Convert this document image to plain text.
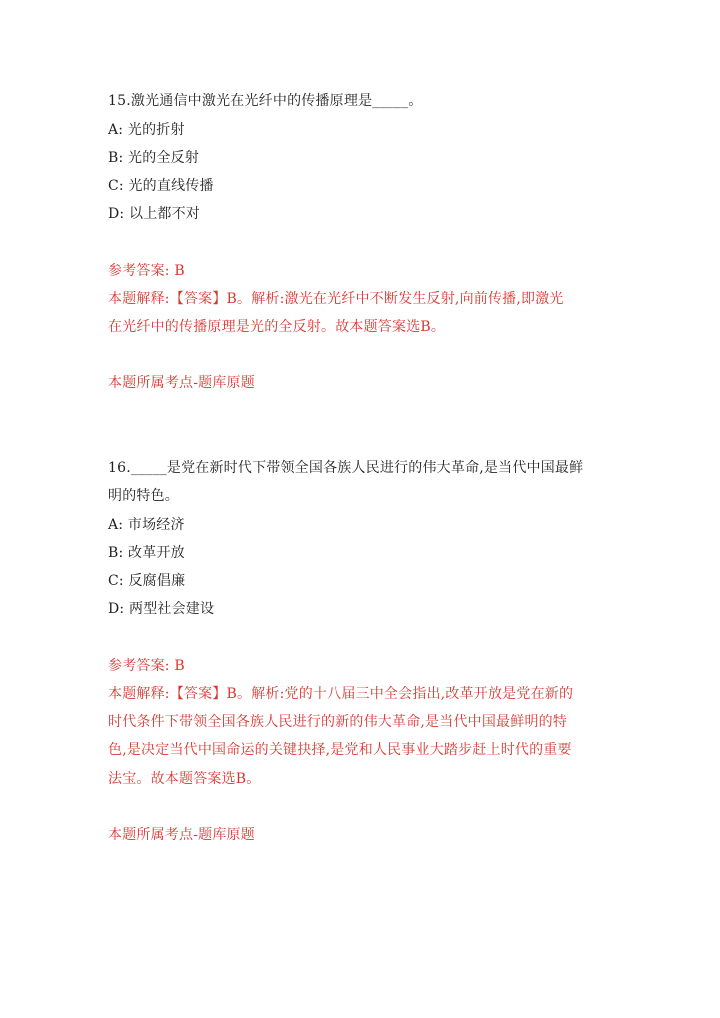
15.激光通信中激光在光纤中的传播原理是_____。
A: 光的折射
B: 光的全反射
C: 光的直线传播
D: 以上都不对
参考答案: B
本题解释:【答案】B。解析:激光在光纤中不断发生反射,向前传播,即激光
在光纤中的传播原理是光的全反射。故本题答案选B。
本题所属考点-题库原题
16._____是党在新时代下带领全国各族人民进行的伟大革命,是当代中国最鲜
明的特色。
A: 市场经济
B: 改革开放
C: 反腐倡廉
D: 两型社会建设
参考答案: B
本题解释:【答案】B。解析:党的十八届三中全会指出,改革开放是党在新的
时代条件下带领全国各族人民进行的新的伟大革命,是当代中国最鲜明的特
色,是决定当代中国命运的关键抉择,是党和人民事业大踏步赶上时代的重要
法宝。故本题答案选B。
本题所属考点-题库原题
